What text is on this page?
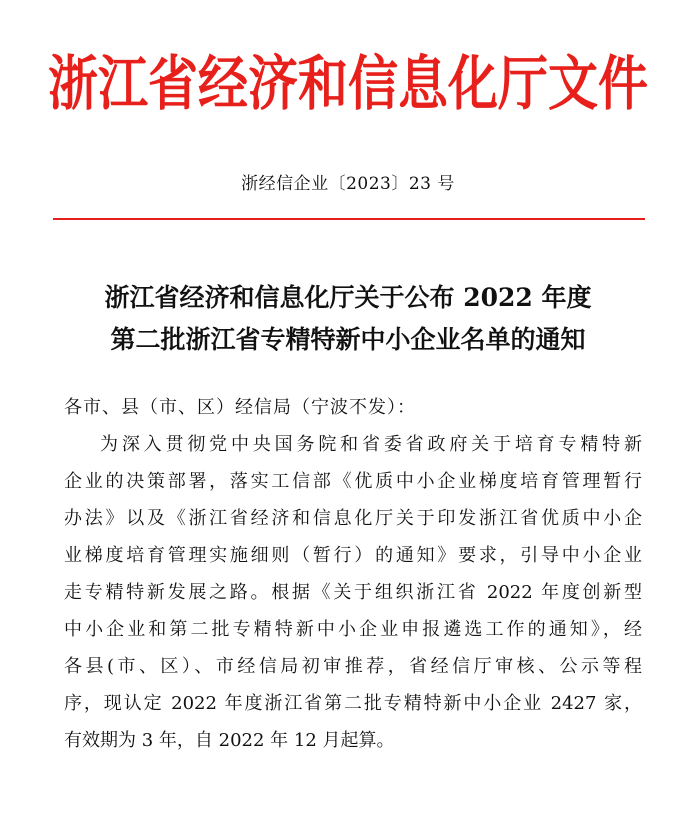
浙江省经济和信息化厅文件
浙经信企业〔2023〕23 号
浙江省经济和信息化厅关于公布 2022 年度
第二批浙江省专精特新中小企业名单的通知
各市、县（市、区）经信局（宁波不发）：
为深入贯彻党中央国务院和省委省政府关于培育专精特新
企业的决策部署，落实工信部《优质中小企业梯度培育管理暂行
办法》以及《浙江省经济和信息化厅关于印发浙江省优质中小企
业梯度培育管理实施细则（暂行）的通知》要求，引导中小企业
走专精特新发展之路。根据《关于组织浙江省 2022 年度创新型
中小企业和第二批专精特新中小企业申报遴选工作的通知》，经
各县(市、区）、市经信局初审推荐，省经信厅审核、公示等程
序，现认定 2022 年度浙江省第二批专精特新中小企业 2427 家，
有效期为 3 年，自 2022 年 12 月起算。
